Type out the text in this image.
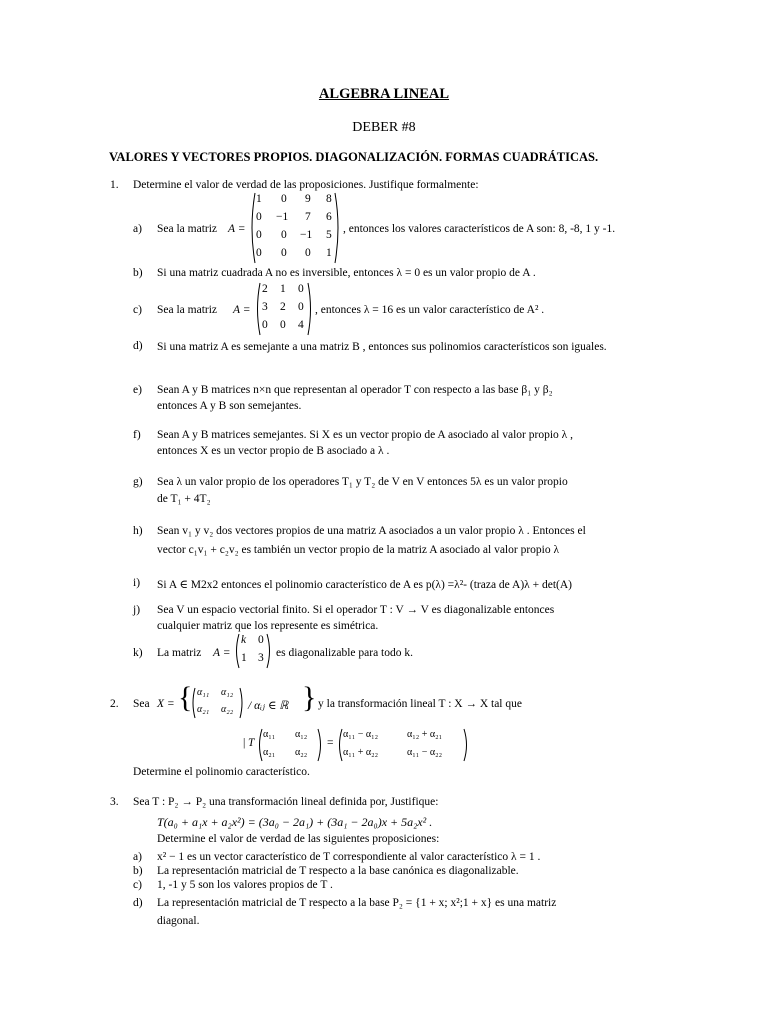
ALGEBRA LINEAL
DEBER #8
VALORES Y VECTORES PROPIOS. DIAGONALIZACIÓN. FORMAS CUADRÁTICAS.
1. Determine el valor de verdad de las proposiciones. Justifique formalmente:
a) Sea la matriz A =
1 0 9 8
0 −1 7 6
0 0 −1 5
0 0 0 1
, entonces los valores característicos de A son: 8, -8, 1 y -1.
b) Si una matriz cuadrada A no es inversible, entonces λ = 0 es un valor propio de A .
c) Sea la matriz A =
2 1 0
3 2 0
0 0 4
, entonces λ = 16 es un valor característico de A² .
d) Si una matriz A es semejante a una matriz B , entonces sus polinomios característicos son iguales.
e) Sean A y B matrices n×n que representan al operador T con respecto a las base β₁ y β₂
entonces A y B son semejantes.
f) Sean A y B matrices semejantes. Si X es un vector propio de A asociado al valor propio λ ,
entonces X es un vector propio de B asociado a λ .
g) Sea λ un valor propio de los operadores T₁ y T₂ de V en V entonces 5λ es un valor propio
de T₁ + 4T₂
h) Sean v₁ y v₂ dos vectores propios de una matriz A asociados a un valor propio λ . Entonces el
vector c₁v₁ + c₂v₂ es también un vector propio de la matriz A asociado al valor propio λ
i) Si A ∈ M2x2 entonces el polinomio característico de A es p(λ) =λ²- (traza de A)λ + det(A)
j) Sea V un espacio vectorial finito. Si el operador T : V → V es diagonalizable entonces
cualquier matriz que los represente es simétrica.
k) La matriz A =
k 0
1 3 es diagonalizable para todo k.
2. Sea X = { α₁₁ α₁₂
α₂₁ α₂₂ / αᵢⱼ ∈ ℝ } y la transformación lineal T : X → X tal que
| T
α₁₁ α₁₂
α₂₁ α₂₂
=
α₁₁ − α₁₂	α₁₂ + α₂₁
α₁₁ + α₂₂	α₁₁ − α₂₂
Determine el polinomio característico.
3. Sea T : P₂ → P₂ una transformación lineal definida por, Justifique:
T(a₀ + a₁x + a₂x²) = (3a₀ − 2a₁) + (3a₁ − 2a₀)x + 5a₂x² .
Determine el valor de verdad de las siguientes proposiciones:
a) x² − 1 es un vector característico de T correspondiente al valor característico λ = 1 .
b) La representación matricial de T respecto a la base canónica es diagonalizable.
c) 1, -1 y 5 son los valores propios de T .
d) La representación matricial de T respecto a la base P₂ = {1 + x; x²;1 + x} es una matriz
diagonal.
